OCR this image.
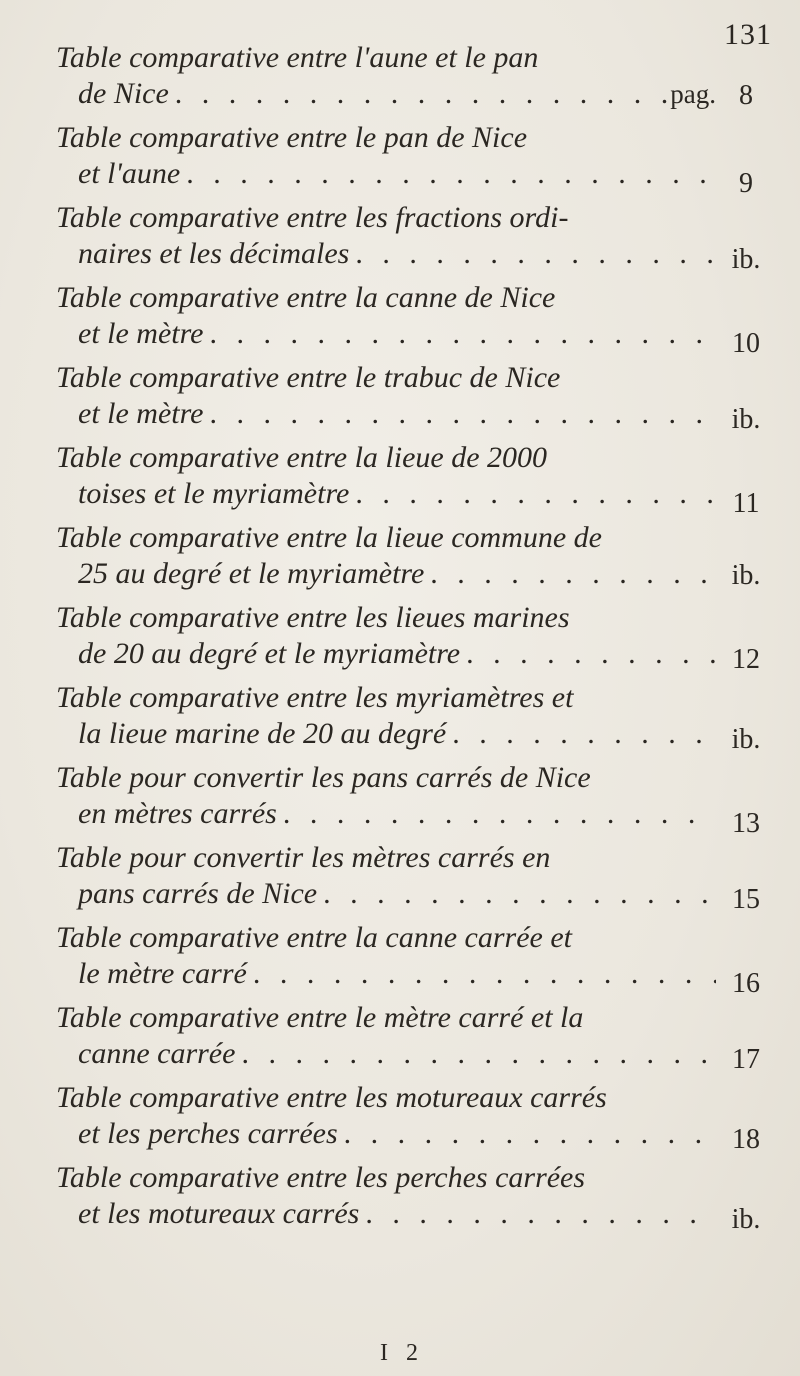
131
Table comparative entre l'aune et le pan
de Nice . . .	pag. 8
Table comparative entre le pan de Nice
et l'aune . . .	9
Table comparative entre les fractions ordi-
naires et les décimales . . .	ib.
Table comparative entre la canne de Nice
et le mètre . . .	10
Table comparative entre le trabuc de Nice
et le mètre . . .	ib.
Table comparative entre la lieue de 2000
toises et le myriamètre . . .	11
Table comparative entre la lieue commune de
25 au degré et le myriamètre . . .	ib.
Table comparative entre les lieues marines
de 20 au degré et le myriamètre . . .	12
Table comparative entre les myriamètres et
la lieue marine de 20 au degré . . .	ib.
Table pour convertir les pans carrés de Nice
en mètres carrés . . .	13
Table pour convertir les mètres carrés en
pans carrés de Nice . . .	15
Table comparative entre la canne carrée et
le mètre carré . . .	16
Table comparative entre le mètre carré et la
canne carrée . . .	17
Table comparative entre les motureaux carrés
et les perches carrées . . .	18
Table comparative entre les perches carrées
et les motureaux carrés . . .	ib.
I 2
